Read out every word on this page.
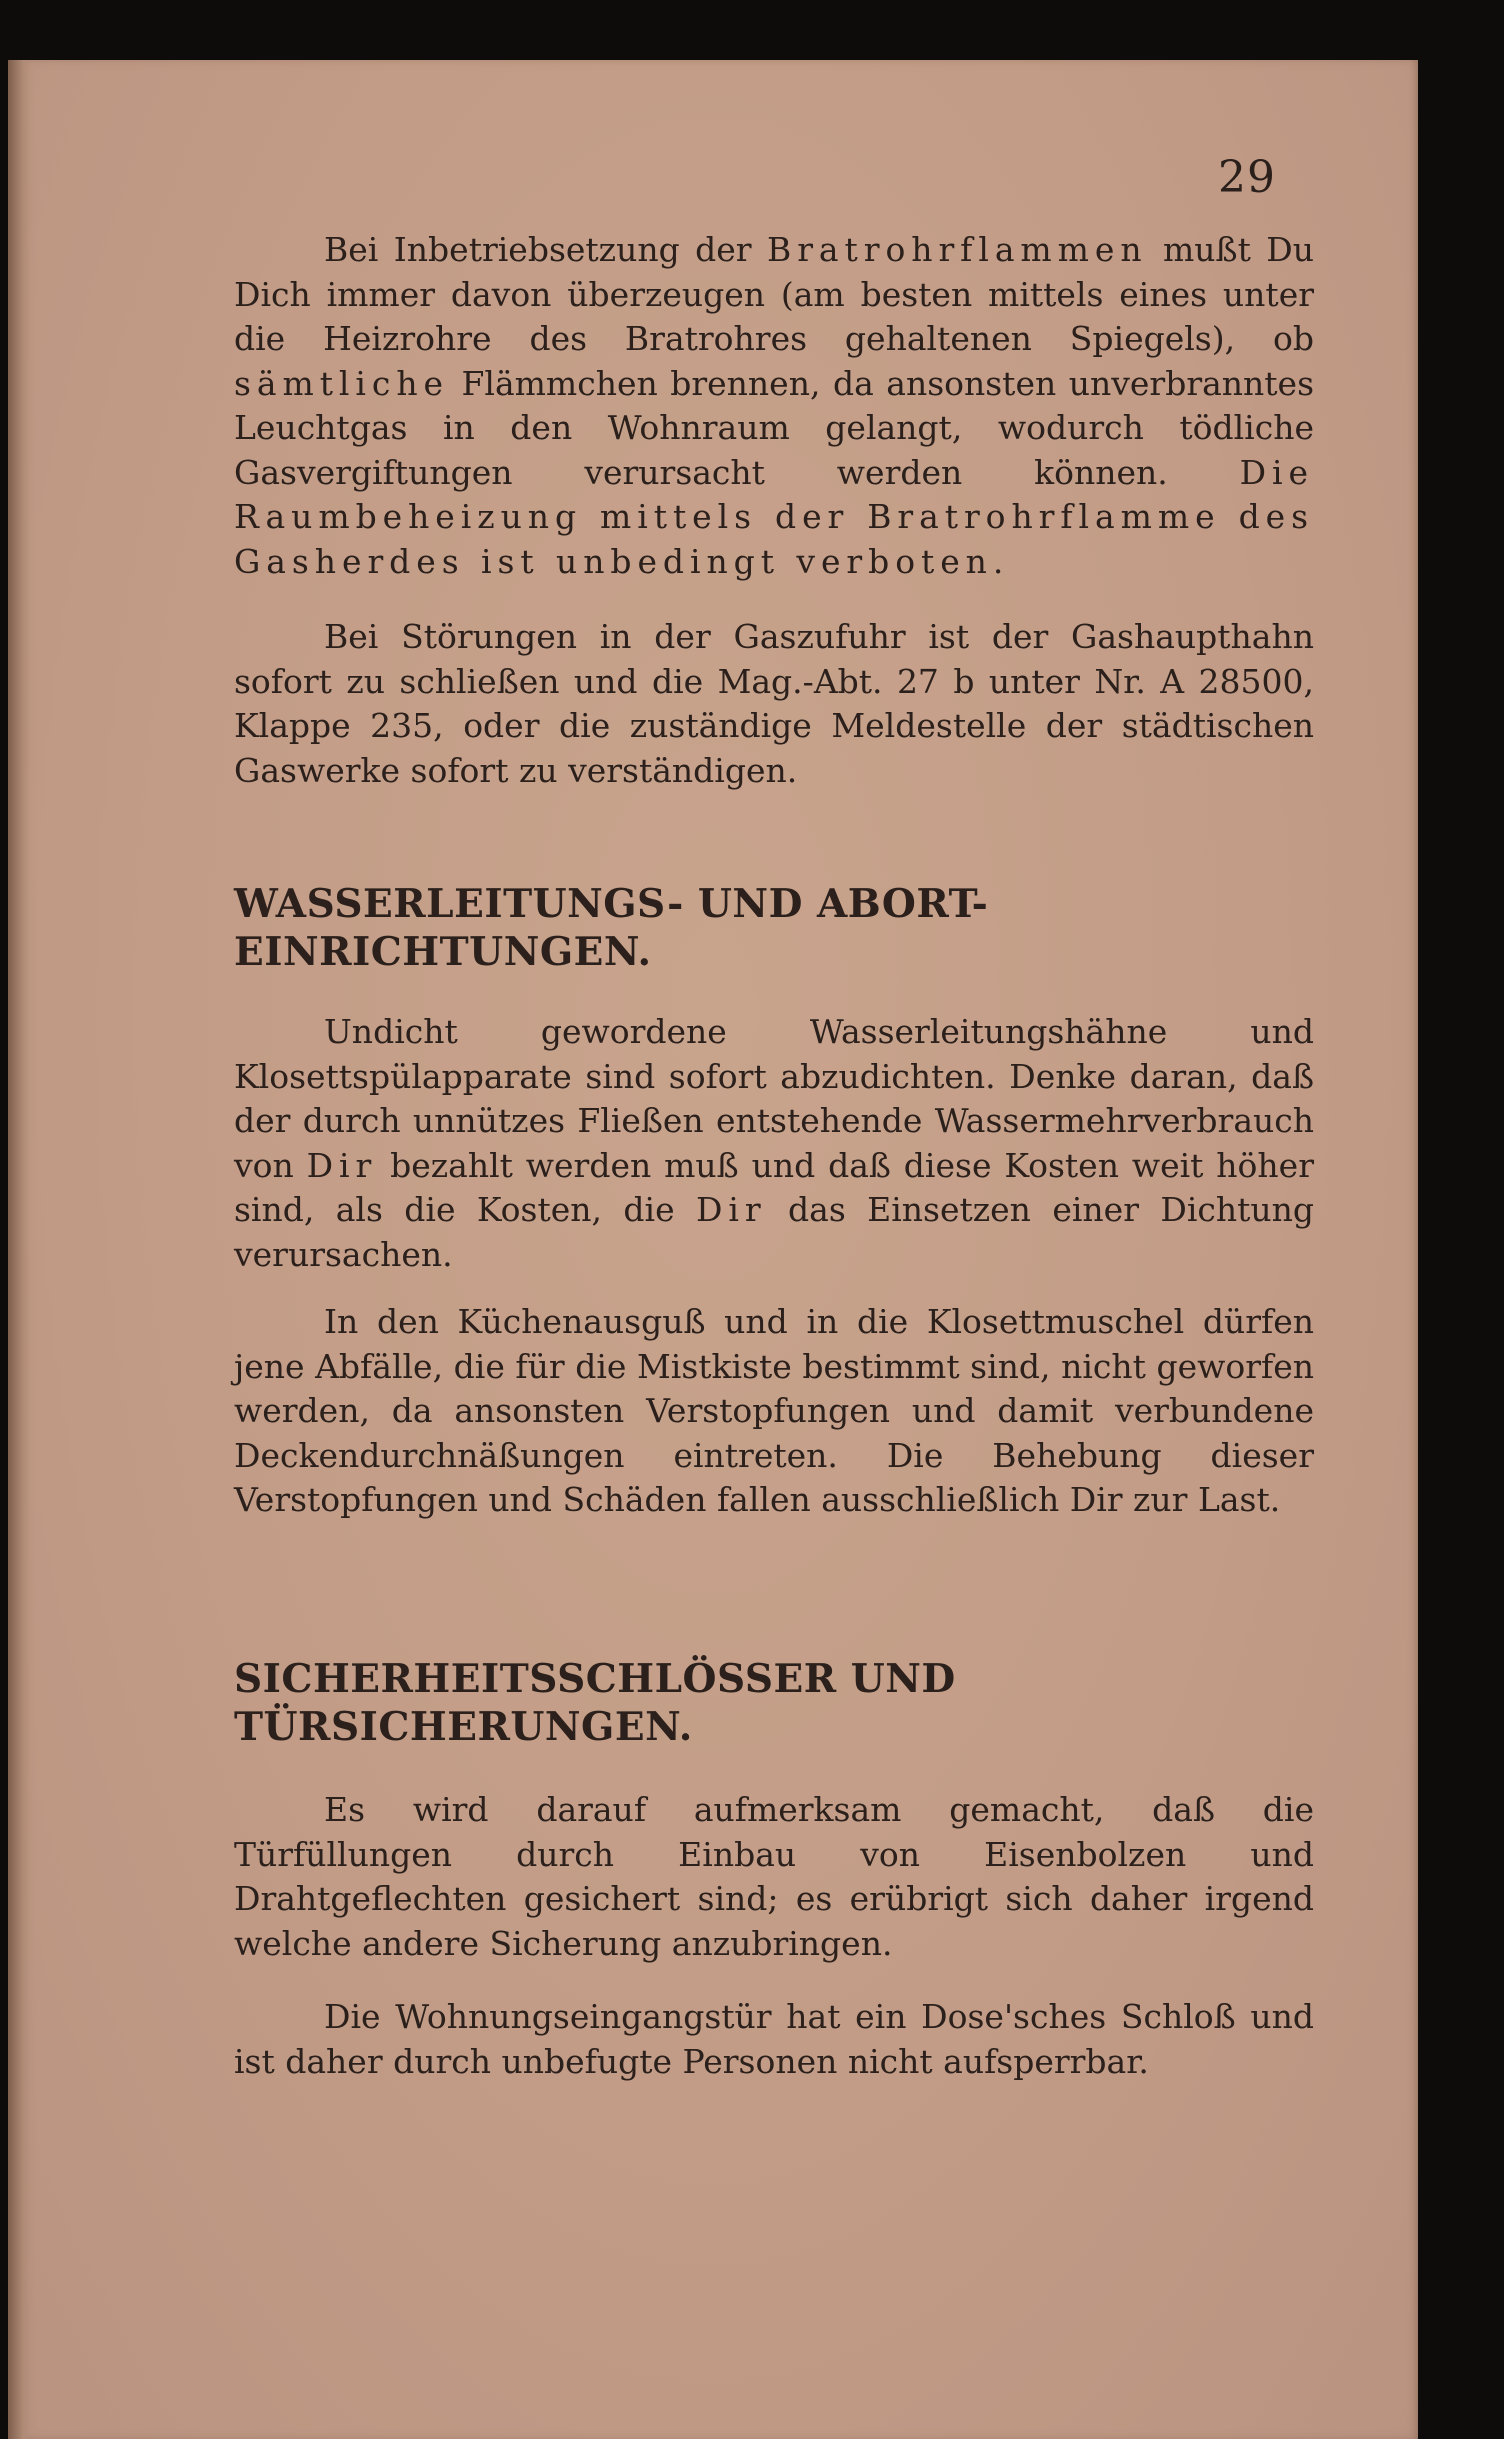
29

Bei Inbetriebsetzung der Bratrohrflammen mußt Du Dich immer davon überzeugen (am besten mittels eines unter die Heizrohre des Bratrohres gehaltenen Spiegels), ob sämtliche Flämmchen brennen, da ansonsten unverbranntes Leuchtgas in den Wohnraum gelangt, wodurch tödliche Gasvergiftungen verursacht werden können. Die Raumbeheizung mittels der Bratrohrflamme des Gasherdes ist unbedingt verboten.

Bei Störungen in der Gaszufuhr ist der Gashaupthahn sofort zu schließen und die Mag.-Abt. 27 b unter Nr. A 28500, Klappe 235, oder die zuständige Meldestelle der städtischen Gaswerke sofort zu verständigen.

WASSERLEITUNGS- UND ABORT-
EINRICHTUNGEN.

Undicht gewordene Wasserleitungshähne und Klosettspülapparate sind sofort abzudichten. Denke daran, daß der durch unnützes Fließen entstehende Wassermehrverbrauch von Dir bezahlt werden muß und daß diese Kosten weit höher sind, als die Kosten, die Dir das Einsetzen einer Dichtung verursachen.

In den Küchenausguß und in die Klosettmuschel dürfen jene Abfälle, die für die Mistkiste bestimmt sind, nicht geworfen werden, da ansonsten Verstopfungen und damit verbundene Deckendurchnäßungen eintreten. Die Behebung dieser Verstopfungen und Schäden fallen ausschließlich Dir zur Last.

SICHERHEITSSCHLÖSSER UND
TÜRSICHERUNGEN.

Es wird darauf aufmerksam gemacht, daß die Türfüllungen durch Einbau von Eisenbolzen und Drahtgeflechten gesichert sind; es erübrigt sich daher irgend welche andere Sicherung anzubringen.

Die Wohnungseingangstür hat ein Dose'sches Schloß und ist daher durch unbefugte Personen nicht aufsperrbar.
